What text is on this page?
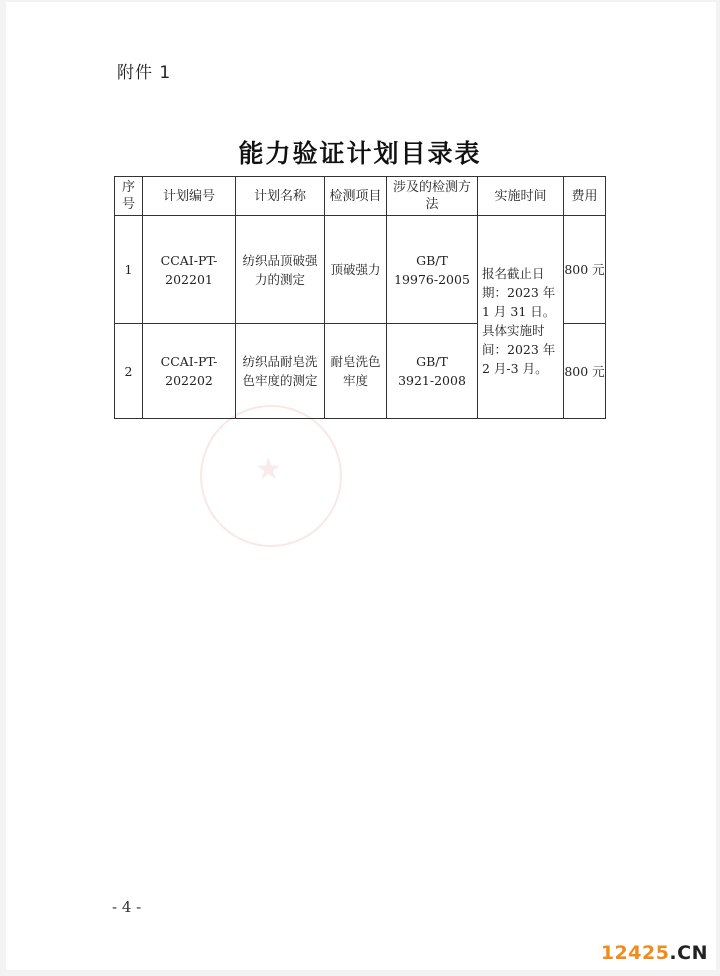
附件 1
能力验证计划目录表
★
序号	计划编号	计划名称	检测项目	涉及的检测方法	实施时间	费用
1	CCAI-PT-202201	纺织品顶破强力的测定	顶破强力	GB/T 19976-2005	报名截止日期：2023 年 1 月 31 日。具体实施时间：2023 年 2 月-3 月。	800 元
2	CCAI-PT-202202	纺织品耐皂洗色牢度的测定	耐皂洗色牢度	GB/T 3921-2008		800 元
- 4 -
12425.CN
